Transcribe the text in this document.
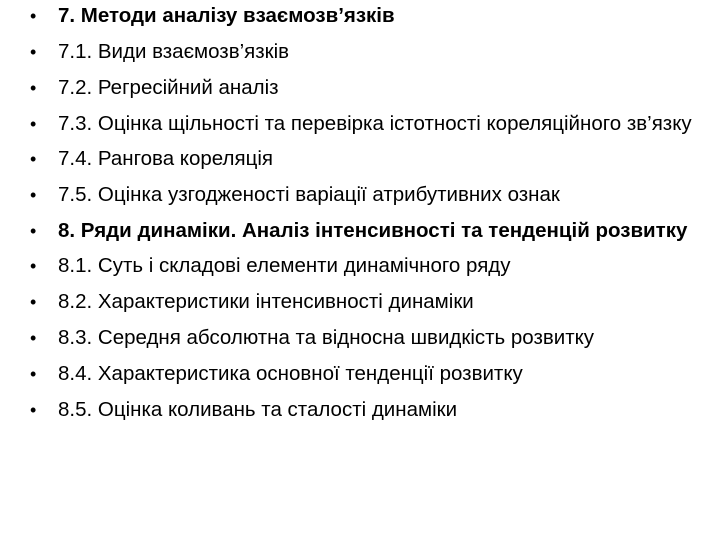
• 7. Методи аналізу взаємозв’язків
• 7.1. Види взаємозв’язків
• 7.2. Регресійний аналіз
• 7.3. Оцінка щільності та перевірка істотності кореляційного зв’язку
• 7.4. Рангова кореляція
• 7.5. Оцінка узгодженості варіації атрибутивних ознак
• 8. Ряди динаміки. Аналіз інтенсивності та тенденцій розвитку
• 8.1. Суть і складові елементи динамічного ряду
• 8.2. Характеристики інтенсивності динаміки
• 8.3. Середня абсолютна та відносна швидкість розвитку
• 8.4. Характеристика основної тенденції розвитку
• 8.5. Оцінка коливань та сталості динаміки
